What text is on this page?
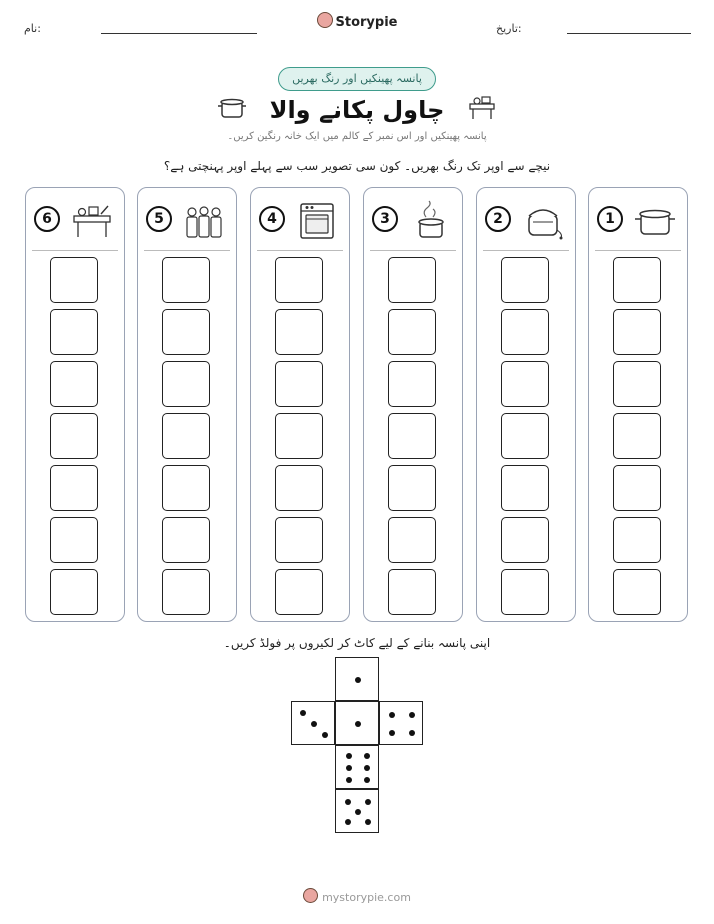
نام:	Storypie	تاریخ:
پانسہ پھینکیں اور رنگ بھریں
چاول پکانے والا
پانسہ پھینکیں اور اس نمبر کے کالم میں ایک خانہ رنگین کریں۔
نیچے سے اوپر تک رنگ بھریں۔ کون سی تصویر سب سے پہلے اوپر پہنچتی ہے؟
1
2
3
4
5
6
اپنی پانسہ بنانے کے لیے کاٹ کر لکیروں پر فولڈ کریں۔
mystorypie.com
